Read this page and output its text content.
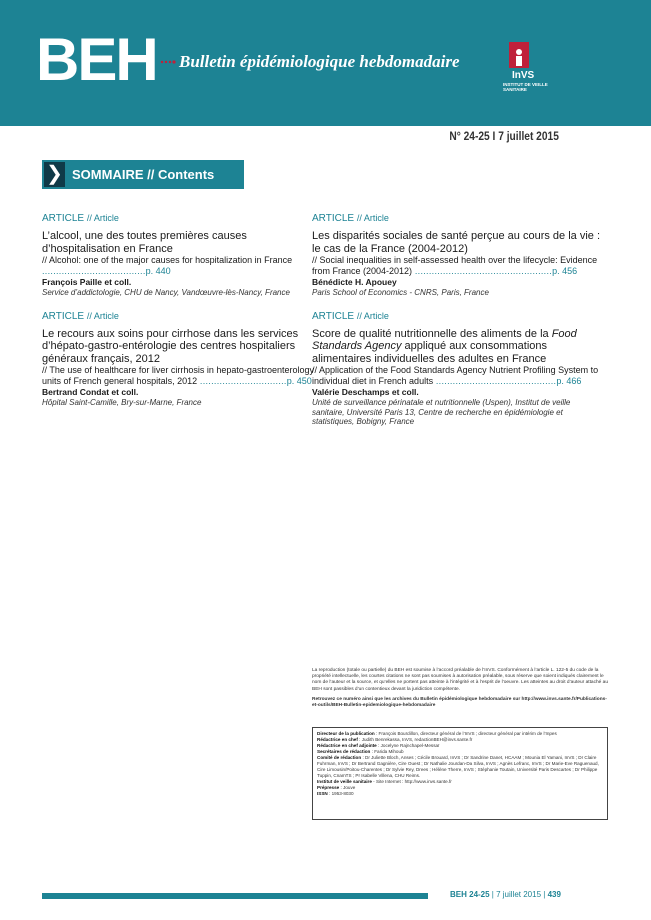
BEH Bulletin épidémiologique hebdomadaire
InVS
INSTITUT DE VEILLE SANITAIRE
N° 24-25 I 7 juillet 2015
❯ SOMMAIRE // Contents
ARTICLE // Article
L’alcool, une des toutes premières causes d’hospitalisation en France
// Alcohol: one of the major causes for hospitalization in France .....................................p. 440
François Paille et coll.
Service d’addictologie, CHU de Nancy, Vandœuvre-lès-Nancy, France
ARTICLE // Article
Le recours aux soins pour cirrhose dans les services d’hépato-gastro-entérologie des centres hospitaliers généraux français, 2012
// The use of healthcare for liver cirrhosis in hepato-gastroenterology units of French general hospitals, 2012 ...............................p. 450
Bertrand Condat et coll.
Hôpital Saint-Camille, Bry-sur-Marne, France
ARTICLE // Article
Les disparités sociales de santé perçue au cours de la vie : le cas de la France (2004-2012)
// Social inequalities in self-assessed health over the lifecycle: Evidence from France (2004-2012) .................................................p. 456
Bénédicte H. Apouey
Paris School of Economics - CNRS, Paris, France
ARTICLE // Article
Score de qualité nutritionnelle des aliments de la Food Standards Agency appliqué aux consommations alimentaires individuelles des adultes en France
// Application of the Food Standards Agency Nutrient Profiling System to individual diet in French adults ...........................................p. 466
Valérie Deschamps et coll.
Unité de surveillance périnatale et nutritionnelle (Uspen), Institut de veille sanitaire, Université Paris 13, Centre de recherche en épidémiologie et statistiques, Bobigny, France

La reproduction (totale ou partielle) du BEH est soumise à l’accord préalable de l’InVS. Conformément à l’article L. 122-5 du code de la propriété intellectuelle, les courtes citations ne sont pas soumises à autorisation préalable, sous réserve que soient indiqués clairement le nom de l’auteur et la source, et qu’elles ne portent pas atteinte à l’intégrité et à l’esprit de l’oeuvre. Les atteintes au droit d’auteur attaché au BEH sont passibles d’un contentieux devant la juridiction compétente.

Retrouvez ce numéro ainsi que les archives du Bulletin épidémiologique hebdomadaire sur http://www.invs.sante.fr/Publications-et-outils/BEH-Bulletin-epidemiologique-hebdomadaire

Directeur de la publication : François Bourdillon, directeur général de l’InVS ; directeur général par intérim de l’Inpes

Rédactrice en chef : Judith Benrekassa, InVS, redactionBEH@invs.sante.fr

Rédactrice en chef adjointe : Jocelyne Rajnchapel-Messaï

Secrétaires de rédaction : Farida Mihoub

Comité de rédaction : Dr Juliette Bloch, Anses ; Cécile Brouard, InVS ; Dr Sandrine Danet, HCAAM ; Mounia El Yamani, InVS ; Dr Claire Fuhrman, InVS ; Dr Bertrand Gagnière, Cire Ouest ; Dr Nathalie Jourdan-Da Silva, InVS ; Agnès Lefranc, InVS ; Dr Marie-Eve Raguenaud, Cire Limousin/Poitou-Charentes ; Dr Sylvie Rey, Drees ; Hélène Therre, InVS ; Stéphanie Toutain, Université Paris Descartes ; Dr Philippe Tuppin, CnamTS ; Pr Isabelle Villena, CHU Reims.

Institut de veille sanitaire - Site Internet : http://www.invs.sante.fr

Prépresse : Jouve

ISSN : 1953-8030

BEH 24-25 | 7 juillet 2015 | 439
